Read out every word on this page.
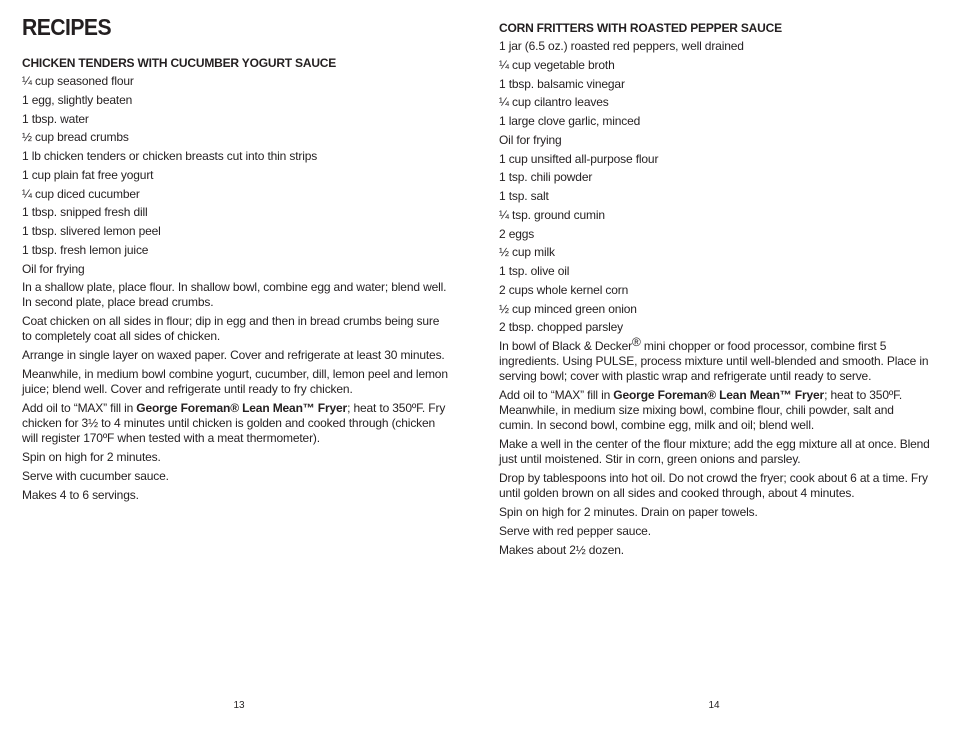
RECIPES
CHICKEN TENDERS WITH CUCUMBER YOGURT SAUCE
¼ cup seasoned flour
1 egg, slightly beaten
1 tbsp. water
½ cup bread crumbs
1 lb chicken tenders or chicken breasts cut into thin strips
1 cup plain fat free yogurt
¼ cup diced cucumber
1 tbsp. snipped fresh dill
1 tbsp. slivered lemon peel
1 tbsp. fresh lemon juice
Oil for frying

In a shallow plate, place flour. In shallow bowl, combine egg and water; blend well. In second plate, place bread crumbs.

Coat chicken on all sides in flour; dip in egg and then in bread crumbs being sure to completely coat all sides of chicken.

Arrange in single layer on waxed paper. Cover and refrigerate at least 30 minutes.

Meanwhile, in medium bowl combine yogurt, cucumber, dill, lemon peel and lemon juice; blend well. Cover and refrigerate until ready to fry chicken.

Add oil to “MAX” fill in George Foreman® Lean Mean™ Fryer; heat to 350ºF. Fry chicken for 3½ to 4 minutes until chicken is golden and cooked through (chicken will register 170ºF when tested with a meat thermometer).

Spin on high for 2 minutes.

Serve with cucumber sauce.

Makes 4 to 6 servings.

13
CORN FRITTERS WITH ROASTED PEPPER SAUCE
1 jar (6.5 oz.) roasted red peppers, well drained
¼ cup vegetable broth
1 tbsp. balsamic vinegar
¼ cup cilantro leaves
1 large clove garlic, minced
Oil for frying
1 cup unsifted all-purpose flour
1 tsp. chili powder
1 tsp. salt
¼ tsp. ground cumin
2 eggs
½ cup milk
1 tsp. olive oil
2 cups whole kernel corn
½ cup minced green onion
2 tbsp. chopped parsley

In bowl of Black & Decker® mini chopper or food processor, combine first 5 ingredients. Using PULSE, process mixture until well-blended and smooth. Place in serving bowl; cover with plastic wrap and refrigerate until ready to serve.

Add oil to “MAX” fill in George Foreman® Lean Mean™ Fryer; heat to 350ºF. Meanwhile, in medium size mixing bowl, combine flour, chili powder, salt and cumin. In second bowl, combine egg, milk and oil; blend well.

Make a well in the center of the flour mixture; add the egg mixture all at once. Blend just until moistened. Stir in corn, green onions and parsley.

Drop by tablespoons into hot oil. Do not crowd the fryer; cook about 6 at a time. Fry until golden brown on all sides and cooked through, about 4 minutes.

Spin on high for 2 minutes. Drain on paper towels.

Serve with red pepper sauce.

Makes about 2½ dozen.

14
